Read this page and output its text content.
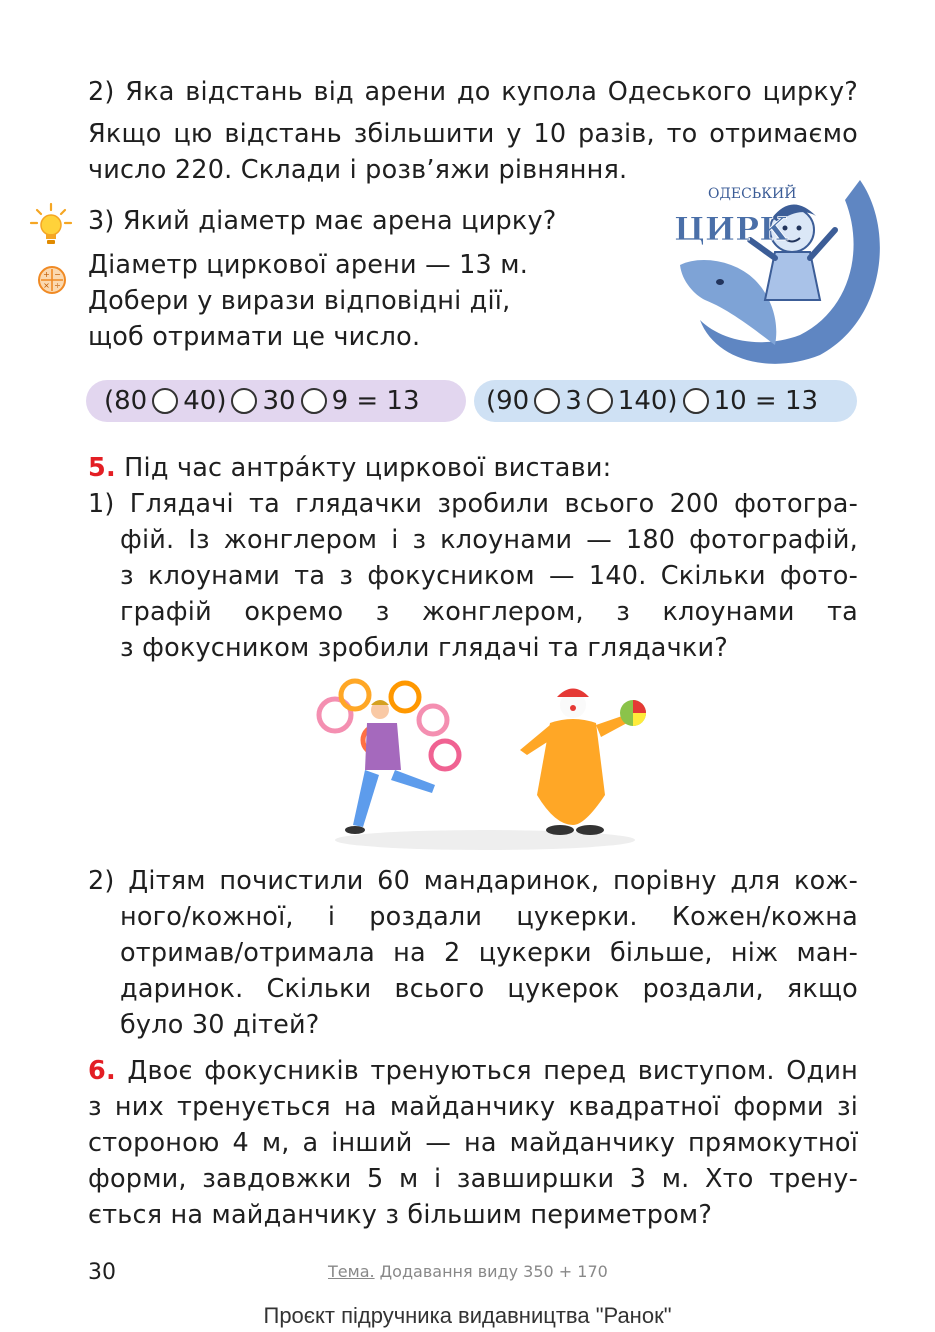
2) Яка відстань від арени до купола Одеського цирку?
Якщо цю відстань збільшити у 10 разів, то отримаємо
число 220. Склади і розв’яжи рівняння.
+ −
× ÷
3) Який діаметр має арена цирку?
Діаметр циркової арени — 13 м.
Добери у вирази відповідні дії,
щоб отримати це число.
ОДЕСЬКИЙ
ЦИРК
(80 40) 30 9 = 13	(90 3 140) 10 = 13
5. Під час антра́кту циркової вистави:
1) Глядачі та глядачки зробили всього 200 фотогра-
фій. Із жонглером і з клоунами — 180 фотографій,
з клоунами та з фокусником — 140. Скільки фото-
графій окремо з жонглером, з клоунами та
з фокусником зробили глядачі та глядачки?
2) Дітям почистили 60 мандаринок, порівну для кож-
ного/кожної, і роздали цукерки. Кожен/кожна
отримав/отримала на 2 цукерки більше, ніж ман-
даринок. Скільки всього цукерок роздали, якщо
було 30 дітей?
6. Двоє фокусників тренуються перед виступом. Один
з них тренується на майданчику квадратної форми зі
стороною 4 м, а інший — на майданчику прямокутної
форми, завдовжки 5 м і завширшки 3 м. Хто трену-
ється на майданчику з більшим периметром?
30	Тема. Додавання виду 350 + 170
Проєкт підручника видавництва "Ранок"
